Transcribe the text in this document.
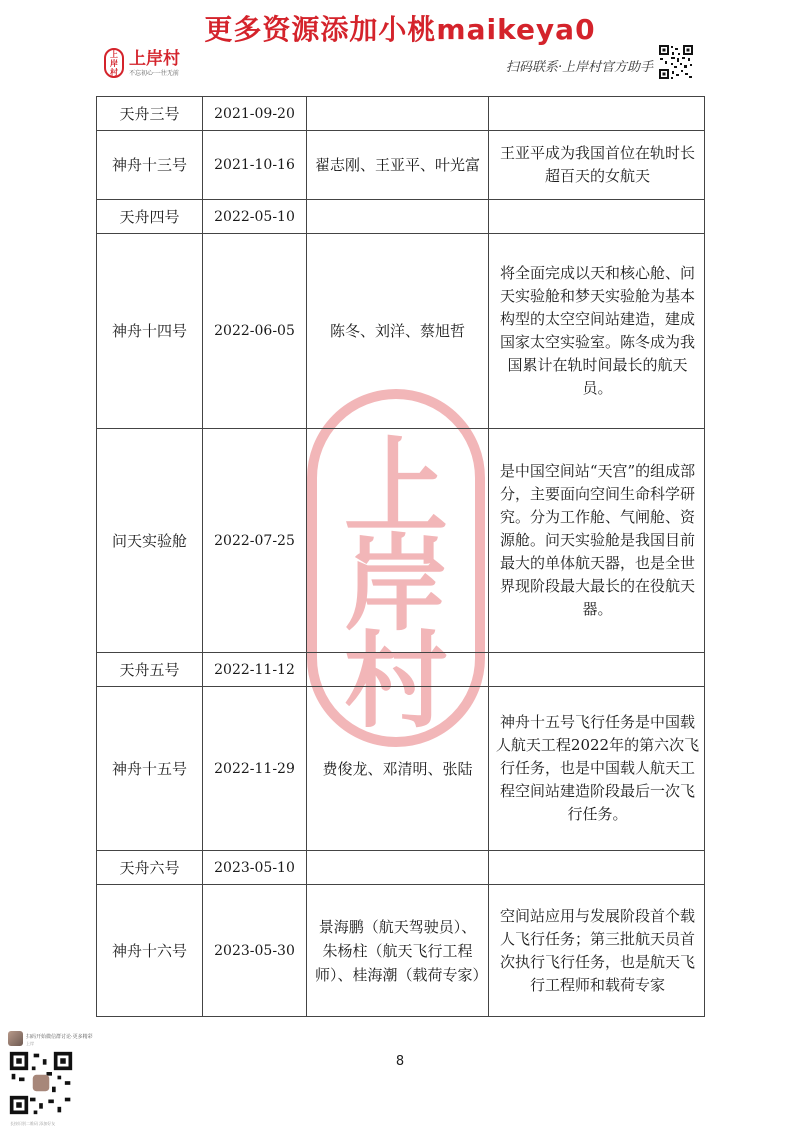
更多资源添加小桃maikeya0
上
岸
村
上岸村
不忘初心·一往无前	扫码联系·上岸村官方助手
上
岸
村
天舟三号	2021-09-20		
神舟十三号	2021-10-16	翟志刚、王亚平、叶光富	王亚平成为我国首位在轨时长超百天的女航天
天舟四号	2022-05-10		
神舟十四号	2022-06-05	陈冬、刘洋、蔡旭哲	将全面完成以天和核心舱、问天实验舱和梦天实验舱为基本构型的太空空间站建造，建成国家太空实验室。陈冬成为我国累计在轨时间最长的航天员。
问天实验舱	2022-07-25		是中国空间站“天宫”的组成部分，主要面向空间生命科学研究。分为工作舱、气闸舱、资源舱。问天实验舱是我国目前最大的单体航天器，也是全世界现阶段最大最长的在役航天器。
天舟五号	2022-11-12		
神舟十五号	2022-11-29	费俊龙、邓清明、张陆	神舟十五号飞行任务是中国载人航天工程2022年的第六次飞行任务，也是中国载人航天工程空间站建造阶段最后一次飞行任务。
天舟六号	2023-05-10		
神舟十六号	2023-05-30	景海鹏（航天驾驶员）、朱杨柱（航天飞行工程师）、桂海潮（载荷专家）	空间站应用与发展阶段首个载人飞行任务；第三批航天员首次执行飞行任务，也是航天飞行工程师和载荷专家
8
扫码开始微信群讨论·更多精彩
上岸
长按识别二维码 添加好友
